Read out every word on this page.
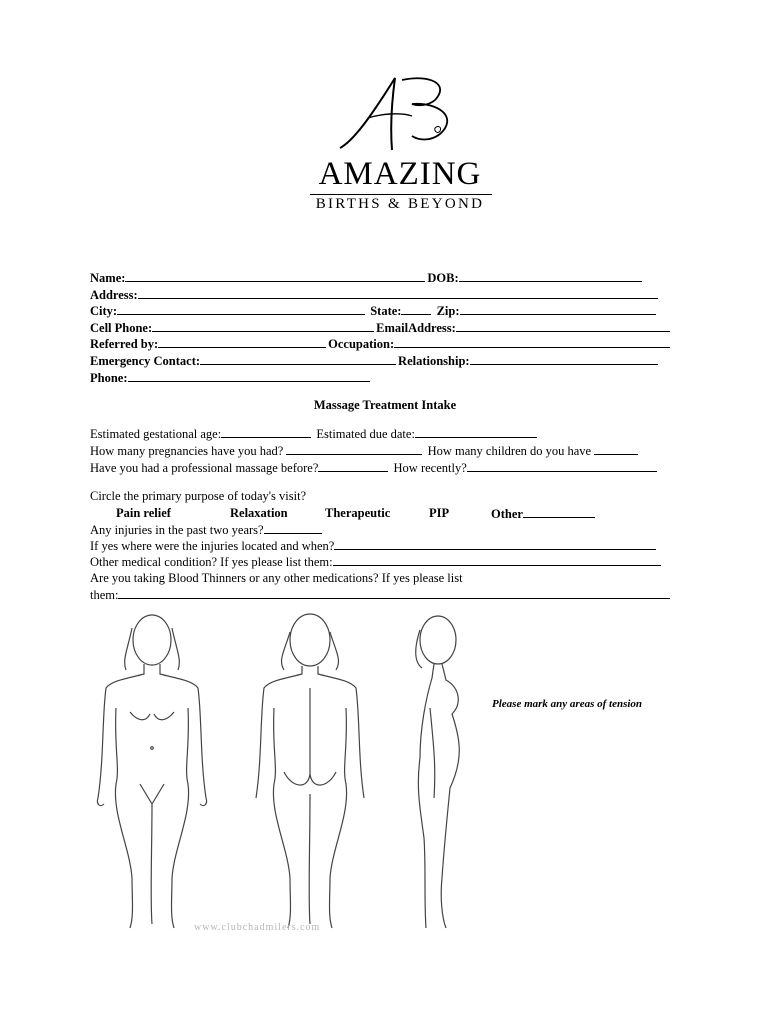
AMAZING
BIRTHS & BEYOND
Name:	DOB:
Address:
City:	State:	Zip:
Cell Phone:	EmailAddress:
Referred by:	Occupation:
Emergency Contact:	Relationship:
Phone:
Massage Treatment Intake
Estimated gestational age:	Estimated due date:
How many pregnancies have you had?	How many children do you have
Have you had a professional massage before?	How recently?
Circle the primary purpose of today's visit?
Pain relief	Relaxation	Therapeutic	PIP	Other
Any injuries in the past two years?
If yes where were the injuries located and when?
Other medical condition? If yes please list them:
Are you taking Blood Thinners or any other medications? If yes please list
them:
Please mark any areas of tension
www.clubchadmilers.com
